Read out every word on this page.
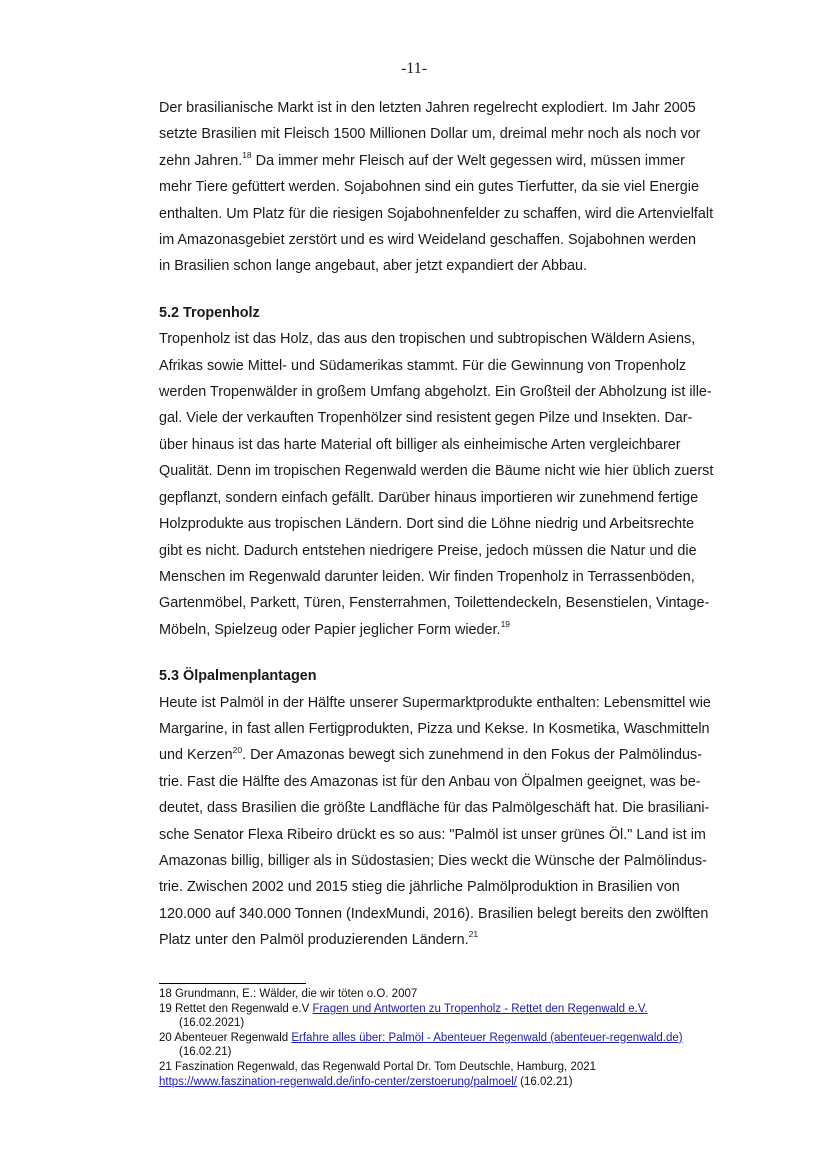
-11-

Der brasilianische Markt ist in den letzten Jahren regelrecht explodiert. Im Jahr 2005
setzte Brasilien mit Fleisch 1500 Millionen Dollar um, dreimal mehr noch als noch vor
zehn Jahren.$^{18}$ Da immer mehr Fleisch auf der Welt gegessen wird, müssen immer
mehr Tiere gefüttert werden. Sojabohnen sind ein gutes Tierfutter, da sie viel Energie
enthalten. Um Platz für die riesigen Sojabohnenfelder zu schaffen, wird die Artenvielfalt
im Amazonasgebiet zerstört und es wird Weideland geschaffen. Sojabohnen werden
in Brasilien schon lange angebaut, aber jetzt expandiert der Abbau.

5.2 Tropenholz

Tropenholz ist das Holz, das aus den tropischen und subtropischen Wäldern Asiens,
Afrikas sowie Mittel- und Südamerikas stammt. Für die Gewinnung von Tropenholz
werden Tropenwälder in großem Umfang abgeholzt. Ein Großteil der Abholzung ist ille-
gal. Viele der verkauften Tropenhölzer sind resistent gegen Pilze und Insekten. Dar-
über hinaus ist das harte Material oft billiger als einheimische Arten vergleichbarer
Qualität. Denn im tropischen Regenwald werden die Bäume nicht wie hier üblich zuerst
gepflanzt, sondern einfach gefällt. Darüber hinaus importieren wir zunehmend fertige
Holzprodukte aus tropischen Ländern. Dort sind die Löhne niedrig und Arbeitsrechte
gibt es nicht. Dadurch entstehen niedrigere Preise, jedoch müssen die Natur und die
Menschen im Regenwald darunter leiden. Wir finden Tropenholz in Terrassenböden,
Gartenmöbel, Parkett, Türen, Fensterrahmen, Toilettendeckeln, Besenstielen, Vintage-
Möbeln, Spielzeug oder Papier jeglicher Form wieder.$^{19}$

5.3 Ölpalmenplantagen

Heute ist Palmöl in der Hälfte unserer Supermarktprodukte enthalten: Lebensmittel wie
Margarine, in fast allen Fertigprodukten, Pizza und Kekse. In Kosmetika, Waschmitteln
und Kerzen$^{20}$. Der Amazonas bewegt sich zunehmend in den Fokus der Palmölindus-
trie. Fast die Hälfte des Amazonas ist für den Anbau von Ölpalmen geeignet, was be-
deutet, dass Brasilien die größte Landfläche für das Palmölgeschäft hat. Die brasiliani-
sche Senator Flexa Ribeiro drückt es so aus: "Palmöl ist unser grünes Öl." Land ist im
Amazonas billig, billiger als in Südostasien; Dies weckt die Wünsche der Palmölindus-
trie. Zwischen 2002 und 2015 stieg die jährliche Palmölproduktion in Brasilien von
120.000 auf 340.000 Tonnen (IndexMundi, 2016). Brasilien belegt bereits den zwölften
Platz unter den Palmöl produzierenden Ländern.$^{21}$

18 Grundmann, E.: Wälder, die wir töten o.O. 2007
19 Rettet den Regenwald e.V Fragen und Antworten zu Tropenholz - Rettet den Regenwald e.V.
(16.02.2021)
20 Abenteuer Regenwald Erfahre alles über: Palmöl - Abenteuer Regenwald (abenteuer-regenwald.de)
(16.02.21)
21 Faszination Regenwald, das Regenwald Portal Dr. Tom Deutschle, Hamburg, 2021
https://www.faszination-regenwald.de/info-center/zerstoerung/palmoel/ (16.02.21)
